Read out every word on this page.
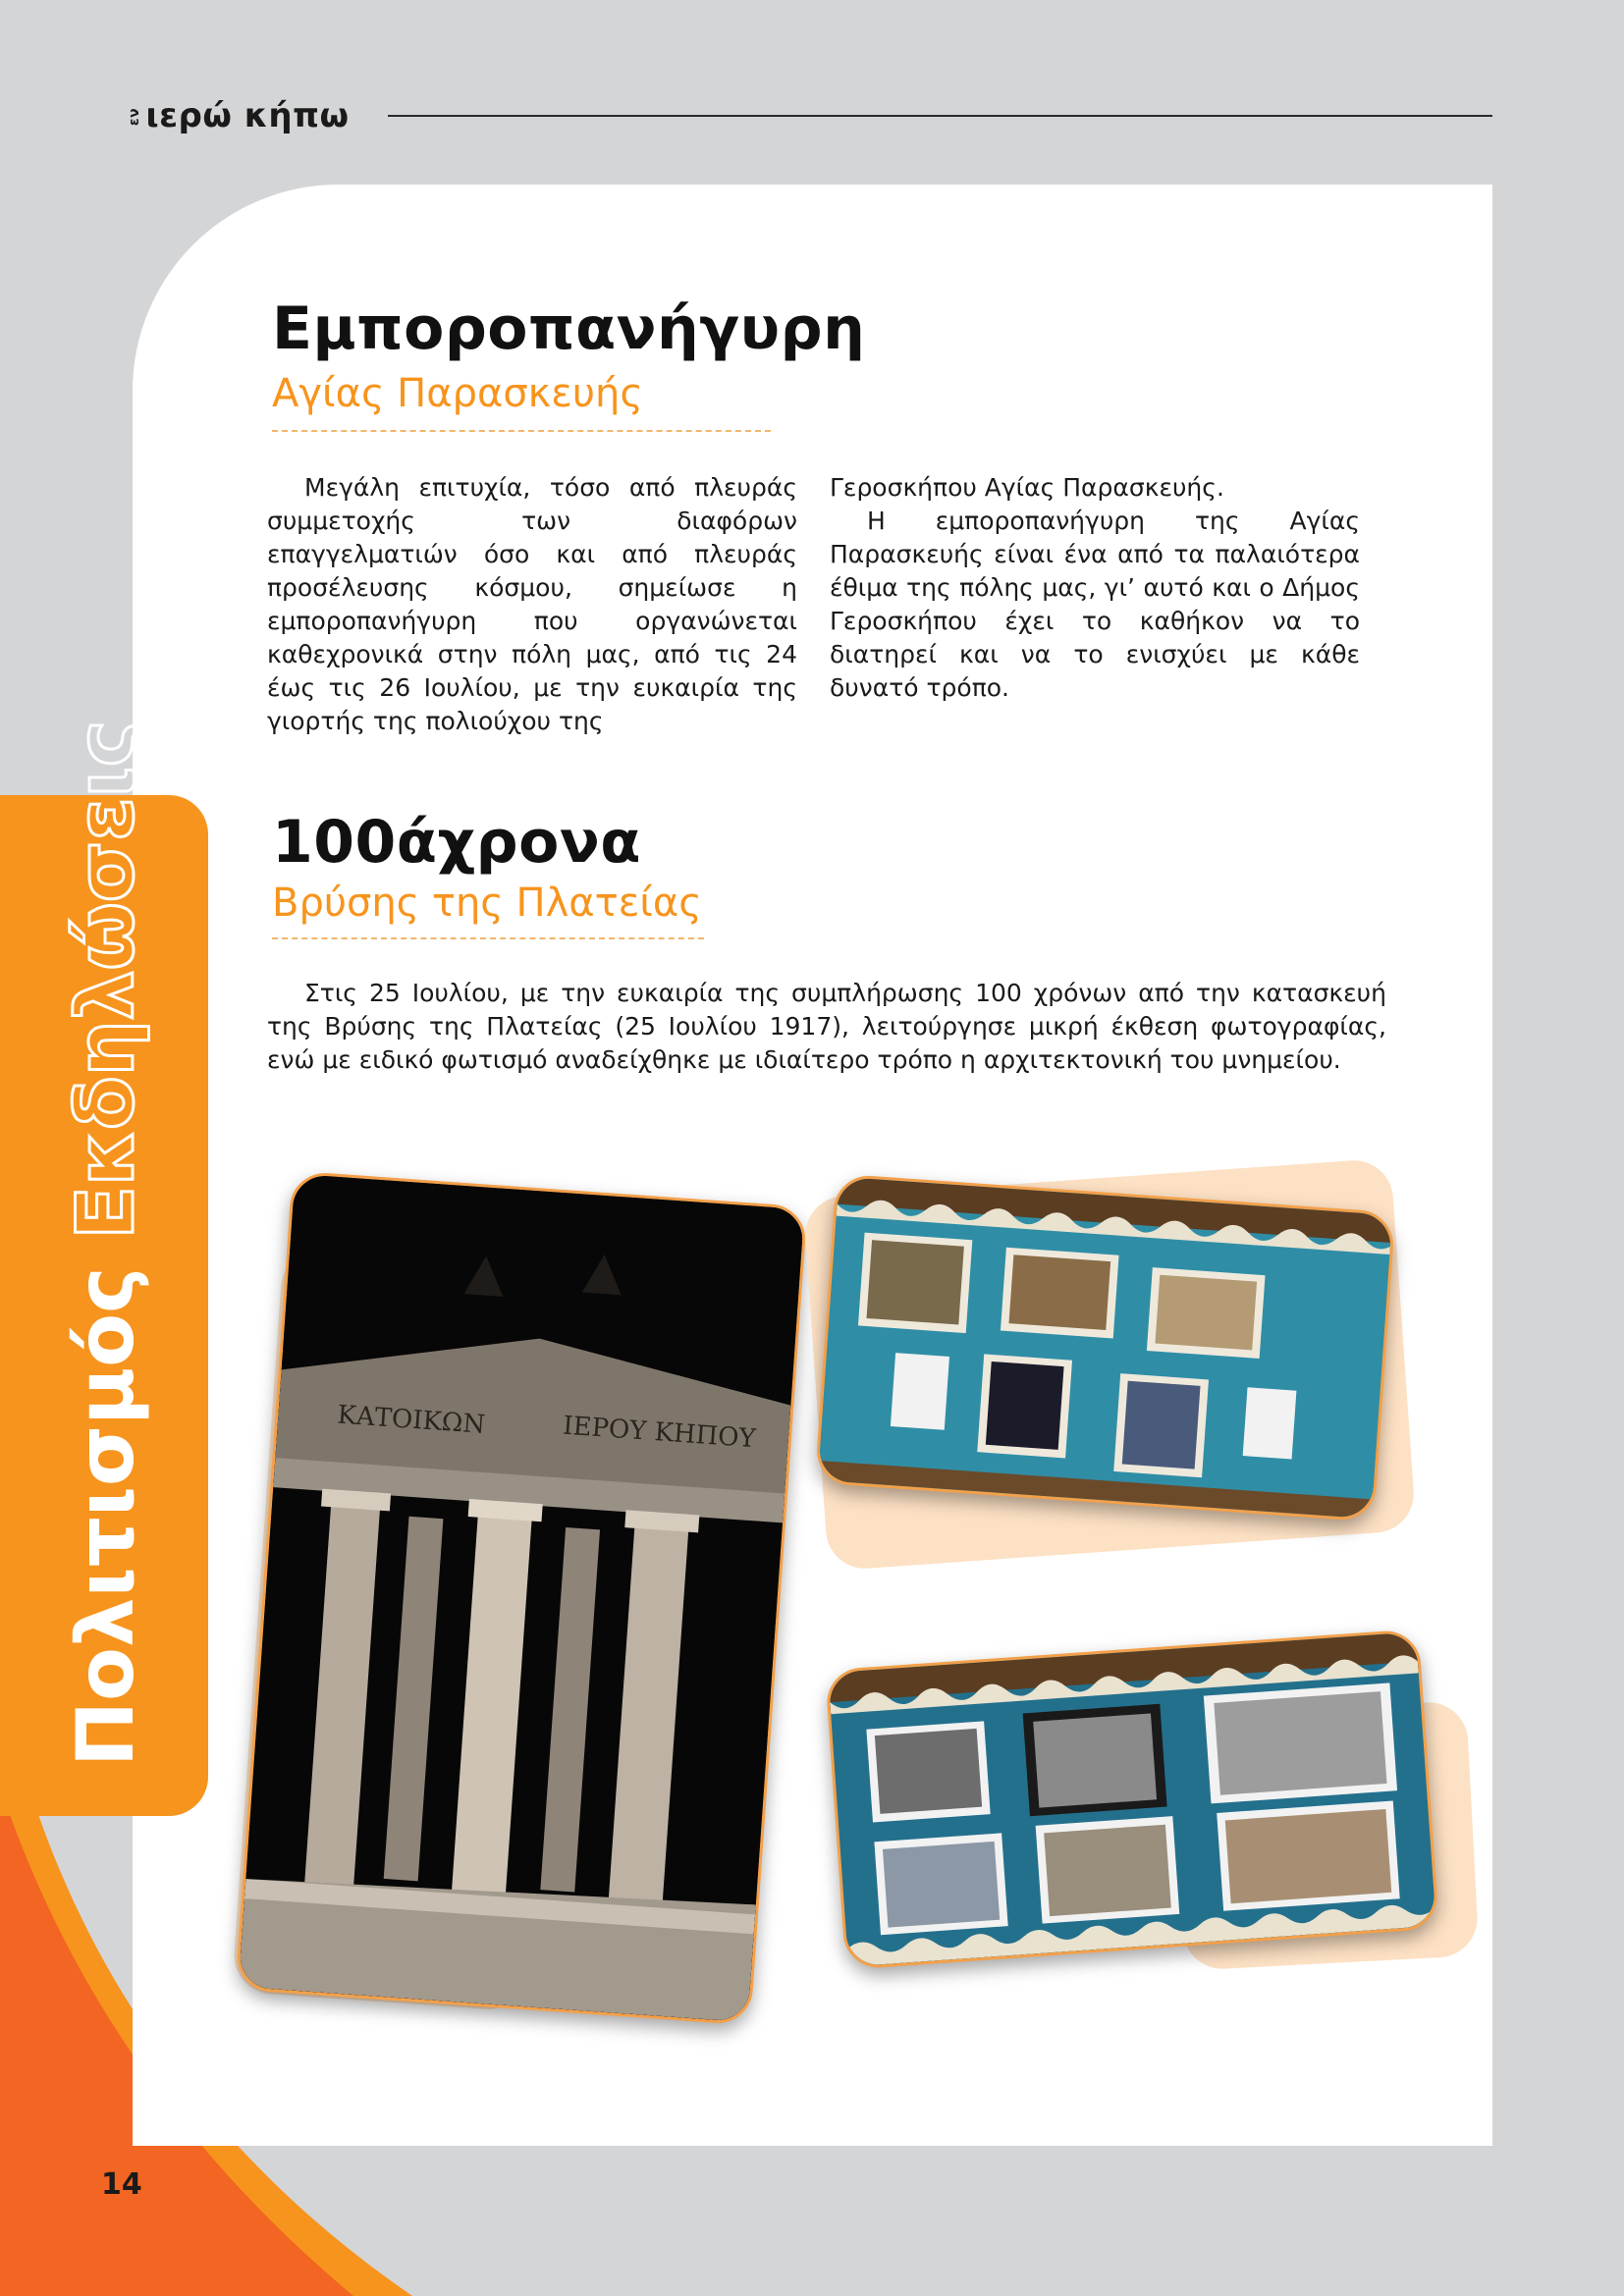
ενιερώ κήπω
Πολιτισμός Εκδηλώσεις
Εμποροπανήγυρη
Αγίας Παρασκευής

Μεγάλη επιτυχία, τόσο από πλευράς συμμετοχής των διαφόρων επαγγελματιών όσο και από πλευράς προσέλευσης κόσμου, σημείωσε η εμποροπανήγυρη που οργανώνεται καθεχρονικά στην πόλη μας, από τις 24 έως τις 26 Ιουλίου, με την ευκαιρία της γιορτής της πολιούχου της

Γεροσκήπου Αγίας Παρασκευής.

Η εμποροπανήγυρη της Αγίας Παρασκευής είναι ένα από τα παλαιότερα έθιμα της πόλης μας, γι’ αυτό και ο Δήμος Γεροσκήπου έχει το καθήκον να το διατηρεί και να το ενισχύει με κάθε δυνατό τρόπο.

100άχρονα
Βρύσης της Πλατείας

Στις 25 Ιουλίου, με την ευκαιρία της συμπλήρωσης 100 χρόνων από την κατασκευή της Βρύσης της Πλατείας (25 Ιουλίου 1917), λειτούργησε μικρή έκθεση φωτογραφίας, ενώ με ειδικό φωτισμό αναδείχθηκε με ιδιαίτερο τρόπο η αρχιτεκτονική του μνημείου.

ΚΑΤΟΙΚΩΝ	ΙΕΡΟΥ ΚΗΠΟΥ
14
